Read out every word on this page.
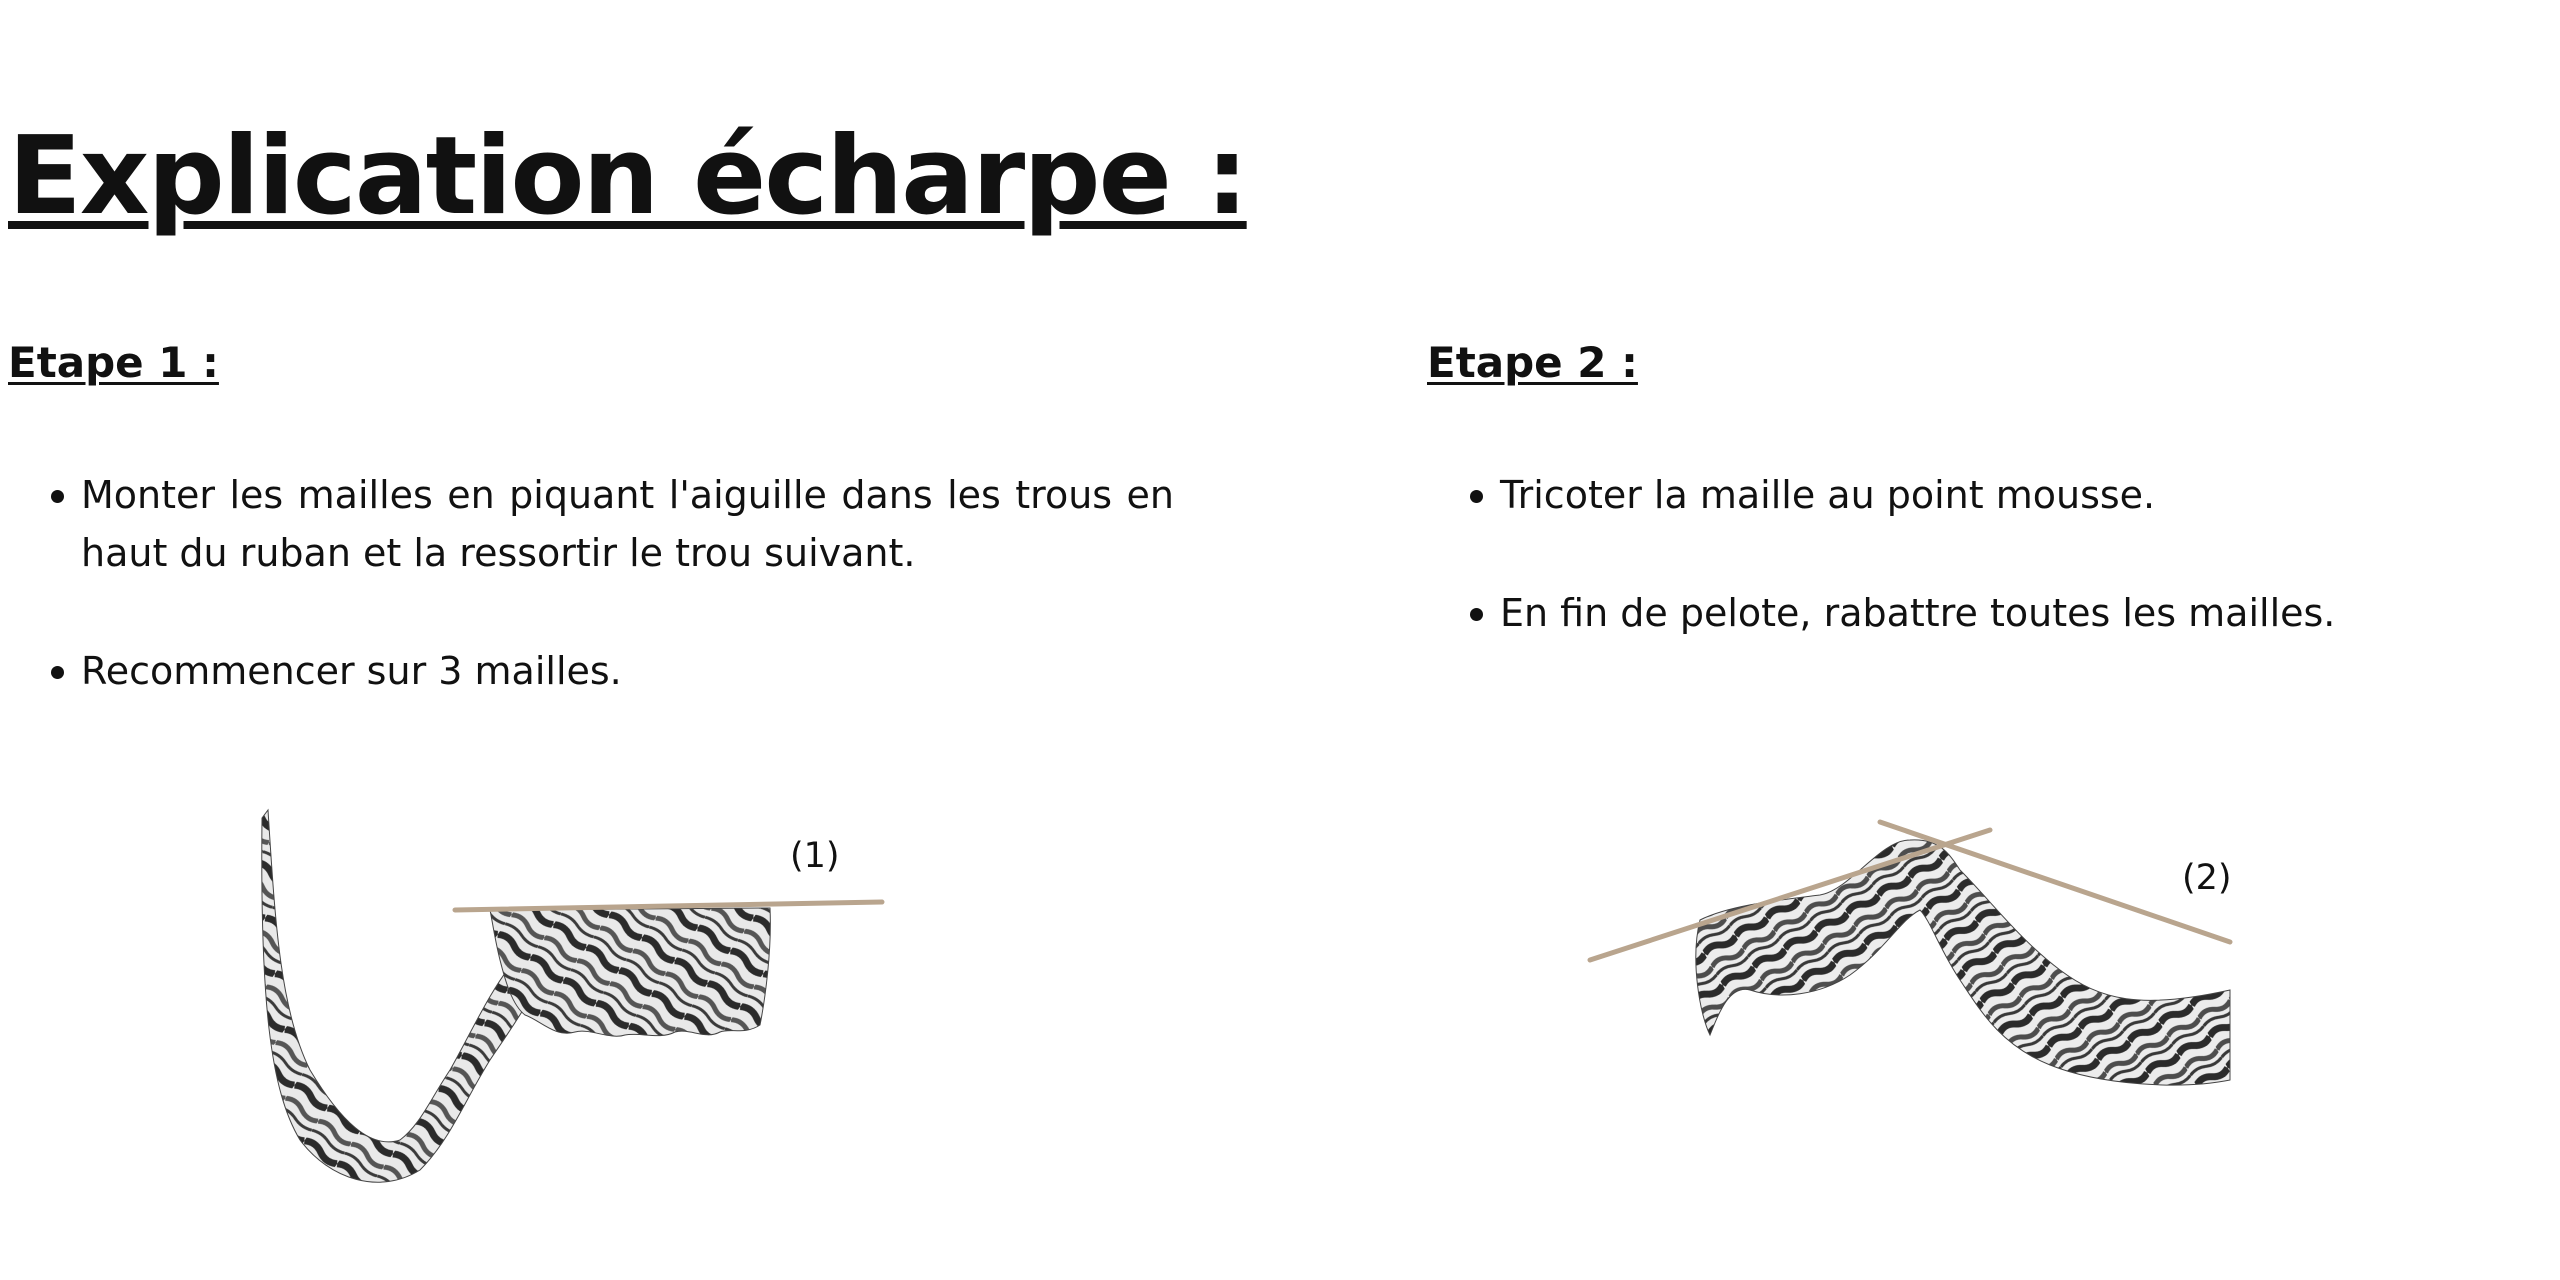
Explication écharpe :
Etape 1 :
Monter les mailles en piquant l'aiguille dans les trous en haut du ruban et la ressortir le trou suivant.
Recommencer sur 3 mailles.
Etape 2 :
Tricoter la maille au point mousse.
En fin de pelote, rabattre toutes les mailles.
(1)
(2)
